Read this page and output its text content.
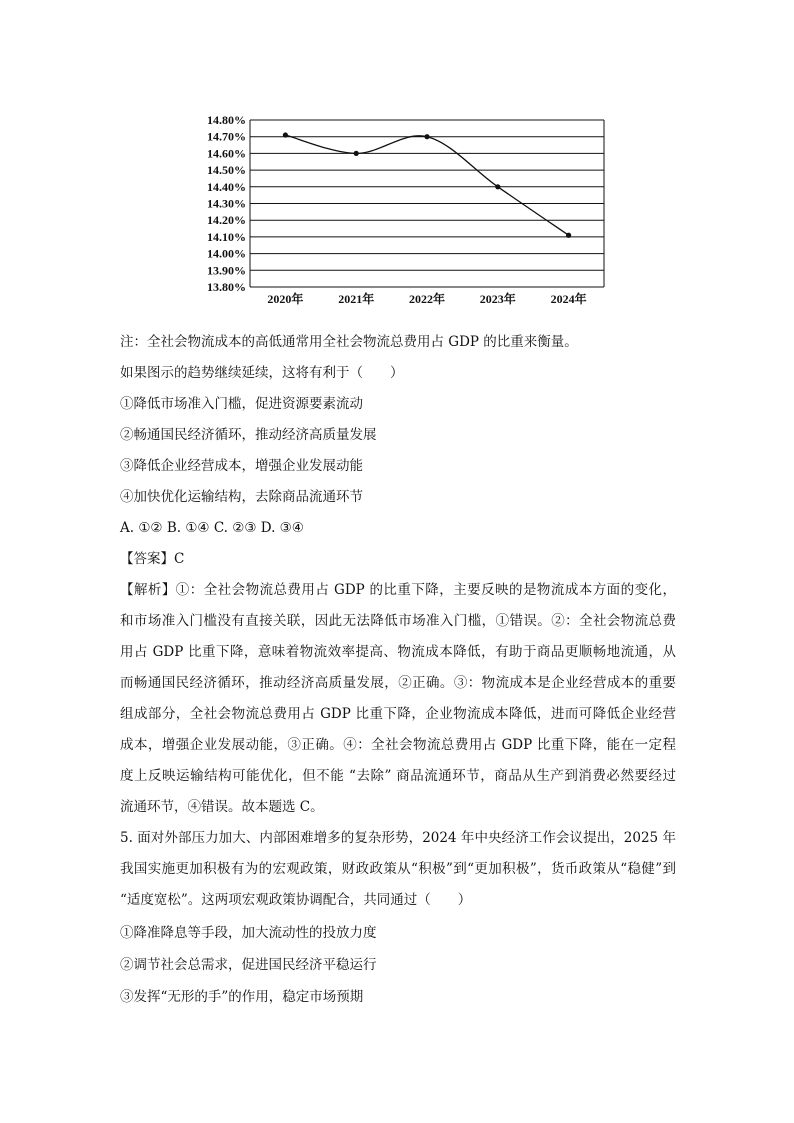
14.80%
14.70%
14.60%
14.50%
14.40%
14.30%
14.20%
14.10%
14.00%
13.90%
13.80%
2020年	2021年	2022年	2023年	2024年
注：全社会物流成本的高低通常用全社会物流总费用占 GDP 的比重来衡量。
如果图示的趋势继续延续，这将有利于（　　）
①降低市场准入门槛，促进资源要素流动
②畅通国民经济循环，推动经济高质量发展
③降低企业经营成本，增强企业发展动能
④加快优化运输结构，去除商品流通环节
A. ①② B. ①④ C. ②③ D. ③④
【答案】C
【解析】①：全社会物流总费用占 GDP 的比重下降，主要反映的是物流成本方面的变化，
和市场准入门槛没有直接关联，因此无法降低市场准入门槛，①错误。②：全社会物流总费
用占 GDP 比重下降，意味着物流效率提高、物流成本降低，有助于商品更顺畅地流通，从
而畅通国民经济循环，推动经济高质量发展，②正确。③：物流成本是企业经营成本的重要
组成部分，全社会物流总费用占 GDP 比重下降，企业物流成本降低，进而可降低企业经营
成本，增强企业发展动能，③正确。④：全社会物流总费用占 GDP 比重下降，能在一定程
度上反映运输结构可能优化，但不能 “去除” 商品流通环节，商品从生产到消费必然要经过
流通环节，④错误。故本题选 C。
5. 面对外部压力加大、内部困难增多的复杂形势，2024 年中央经济工作会议提出，2025 年
我国实施更加积极有为的宏观政策，财政政策从“积极”到“更加积极”，货币政策从“稳健”到
“适度宽松”。这两项宏观政策协调配合，共同通过（　　）
①降准降息等手段，加大流动性的投放力度
②调节社会总需求，促进国民经济平稳运行
③发挥“无形的手”的作用，稳定市场预期
